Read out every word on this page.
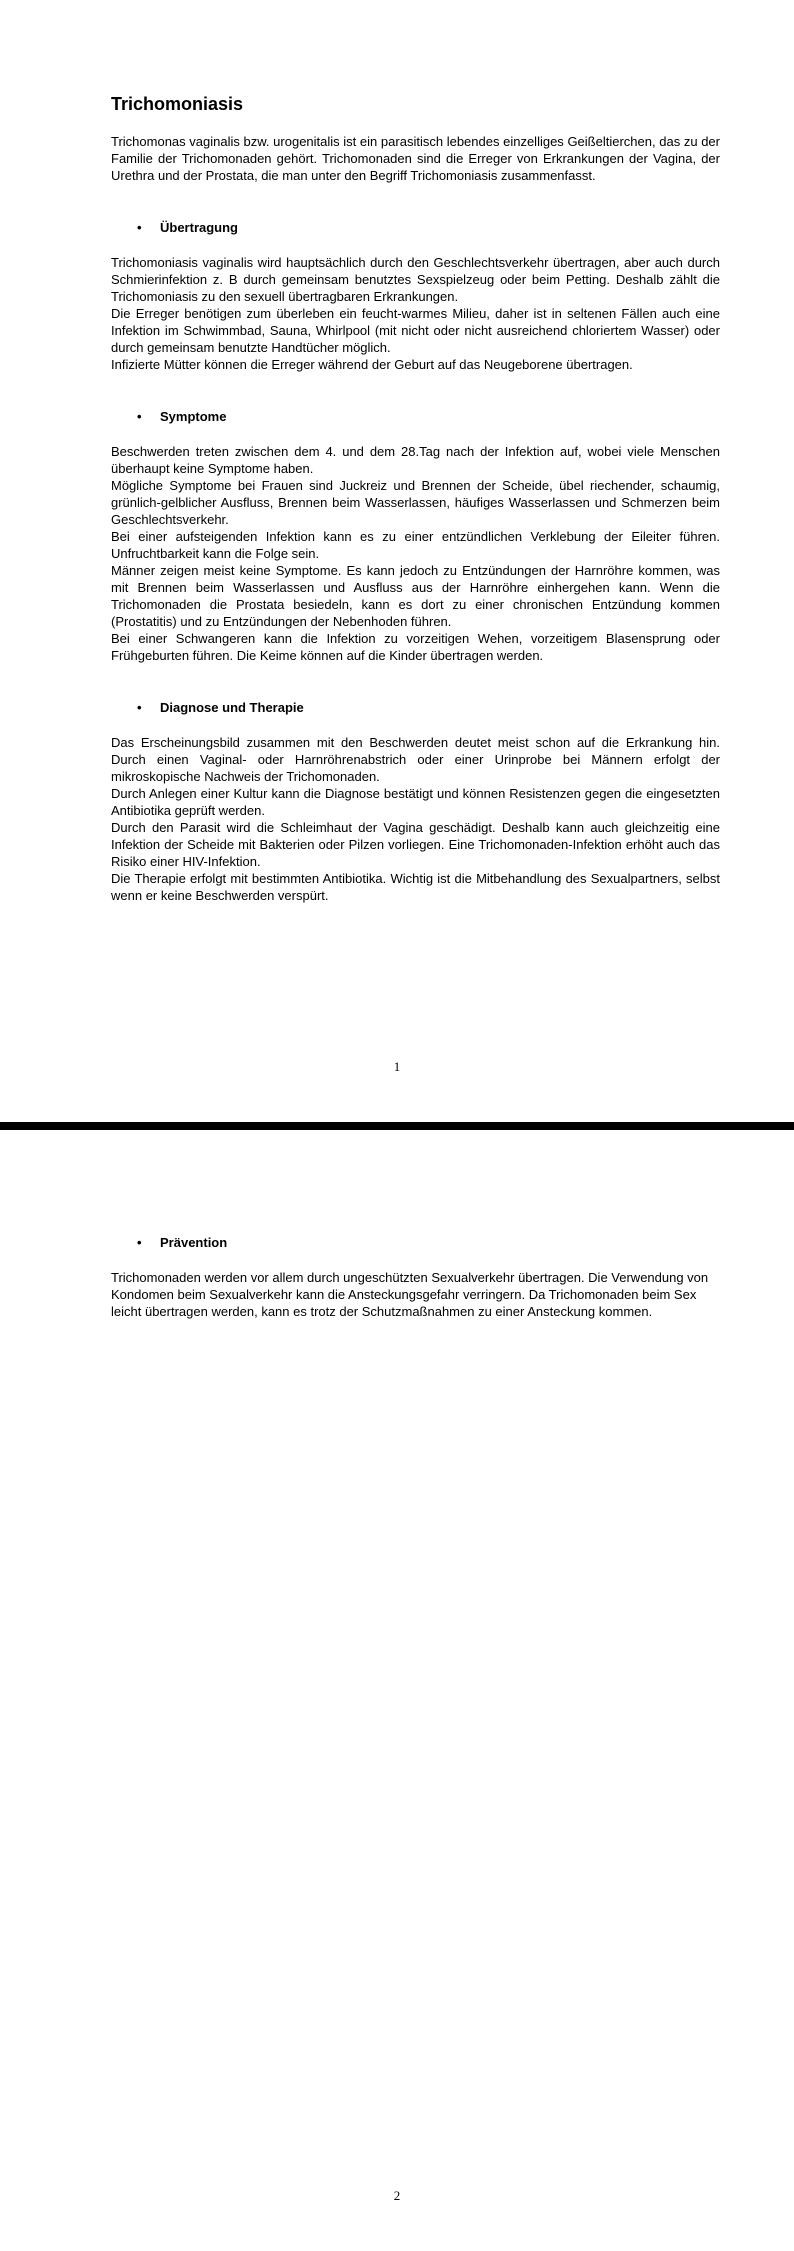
Trichomoniasis

Trichomonas vaginalis bzw. urogenitalis ist ein parasitisch lebendes einzelliges Geißeltierchen, das zu der Familie der Trichomonaden gehört. Trichomonaden sind die Erreger von Erkrankungen der Vagina, der Urethra und der Prostata, die man unter den Begriff Trichomoniasis zusammenfasst.

• Übertragung

Trichomoniasis vaginalis wird hauptsächlich durch den Geschlechtsverkehr übertragen, aber auch durch Schmierinfektion z. B durch gemeinsam benutztes Sexspielzeug oder beim Petting. Deshalb zählt die Trichomoniasis zu den sexuell übertragbaren Erkrankungen.

Die Erreger benötigen zum überleben ein feucht-warmes Milieu, daher ist in seltenen Fällen auch eine Infektion im Schwimmbad, Sauna, Whirlpool (mit nicht oder nicht ausreichend chloriertem Wasser) oder durch gemeinsam benutzte Handtücher möglich.

Infizierte Mütter können die Erreger während der Geburt auf das Neugeborene übertragen.

• Symptome

Beschwerden treten zwischen dem 4. und dem 28.Tag nach der Infektion auf, wobei viele Menschen überhaupt keine Symptome haben.

Mögliche Symptome bei Frauen sind Juckreiz und Brennen der Scheide, übel riechender, schaumig, grünlich-gelblicher Ausfluss, Brennen beim Wasserlassen, häufiges Wasserlassen und Schmerzen beim Geschlechtsverkehr.

Bei einer aufsteigenden Infektion kann es zu einer entzündlichen Verklebung der Eileiter führen. Unfruchtbarkeit kann die Folge sein.

Männer zeigen meist keine Symptome. Es kann jedoch zu Entzündungen der Harnröhre kommen, was mit Brennen beim Wasserlassen und Ausfluss aus der Harnröhre einhergehen kann. Wenn die Trichomonaden die Prostata besiedeln, kann es dort zu einer chronischen Entzündung kommen (Prostatitis) und zu Entzündungen der Nebenhoden führen.

Bei einer Schwangeren kann die Infektion zu vorzeitigen Wehen, vorzeitigem Blasensprung oder Frühgeburten führen. Die Keime können auf die Kinder übertragen werden.

• Diagnose und Therapie

Das Erscheinungsbild zusammen mit den Beschwerden deutet meist schon auf die Erkrankung hin. Durch einen Vaginal- oder Harnröhrenabstrich oder einer Urinprobe bei Männern erfolgt der mikroskopische Nachweis der Trichomonaden.

Durch Anlegen einer Kultur kann die Diagnose bestätigt und können Resistenzen gegen die eingesetzten Antibiotika geprüft werden.

Durch den Parasit wird die Schleimhaut der Vagina geschädigt. Deshalb kann auch gleichzeitig eine Infektion der Scheide mit Bakterien oder Pilzen vorliegen. Eine Trichomonaden-Infektion erhöht auch das Risiko einer HIV-Infektion.

Die Therapie erfolgt mit bestimmten Antibiotika. Wichtig ist die Mitbehandlung des Sexualpartners, selbst wenn er keine Beschwerden verspürt.

1
• Prävention

Trichomonaden werden vor allem durch ungeschützten Sexualverkehr übertragen. Die Verwendung von Kondomen beim Sexualverkehr kann die Ansteckungsgefahr verringern. Da Trichomonaden beim Sex leicht übertragen werden, kann es trotz der Schutzmaßnahmen zu einer Ansteckung kommen.

2
